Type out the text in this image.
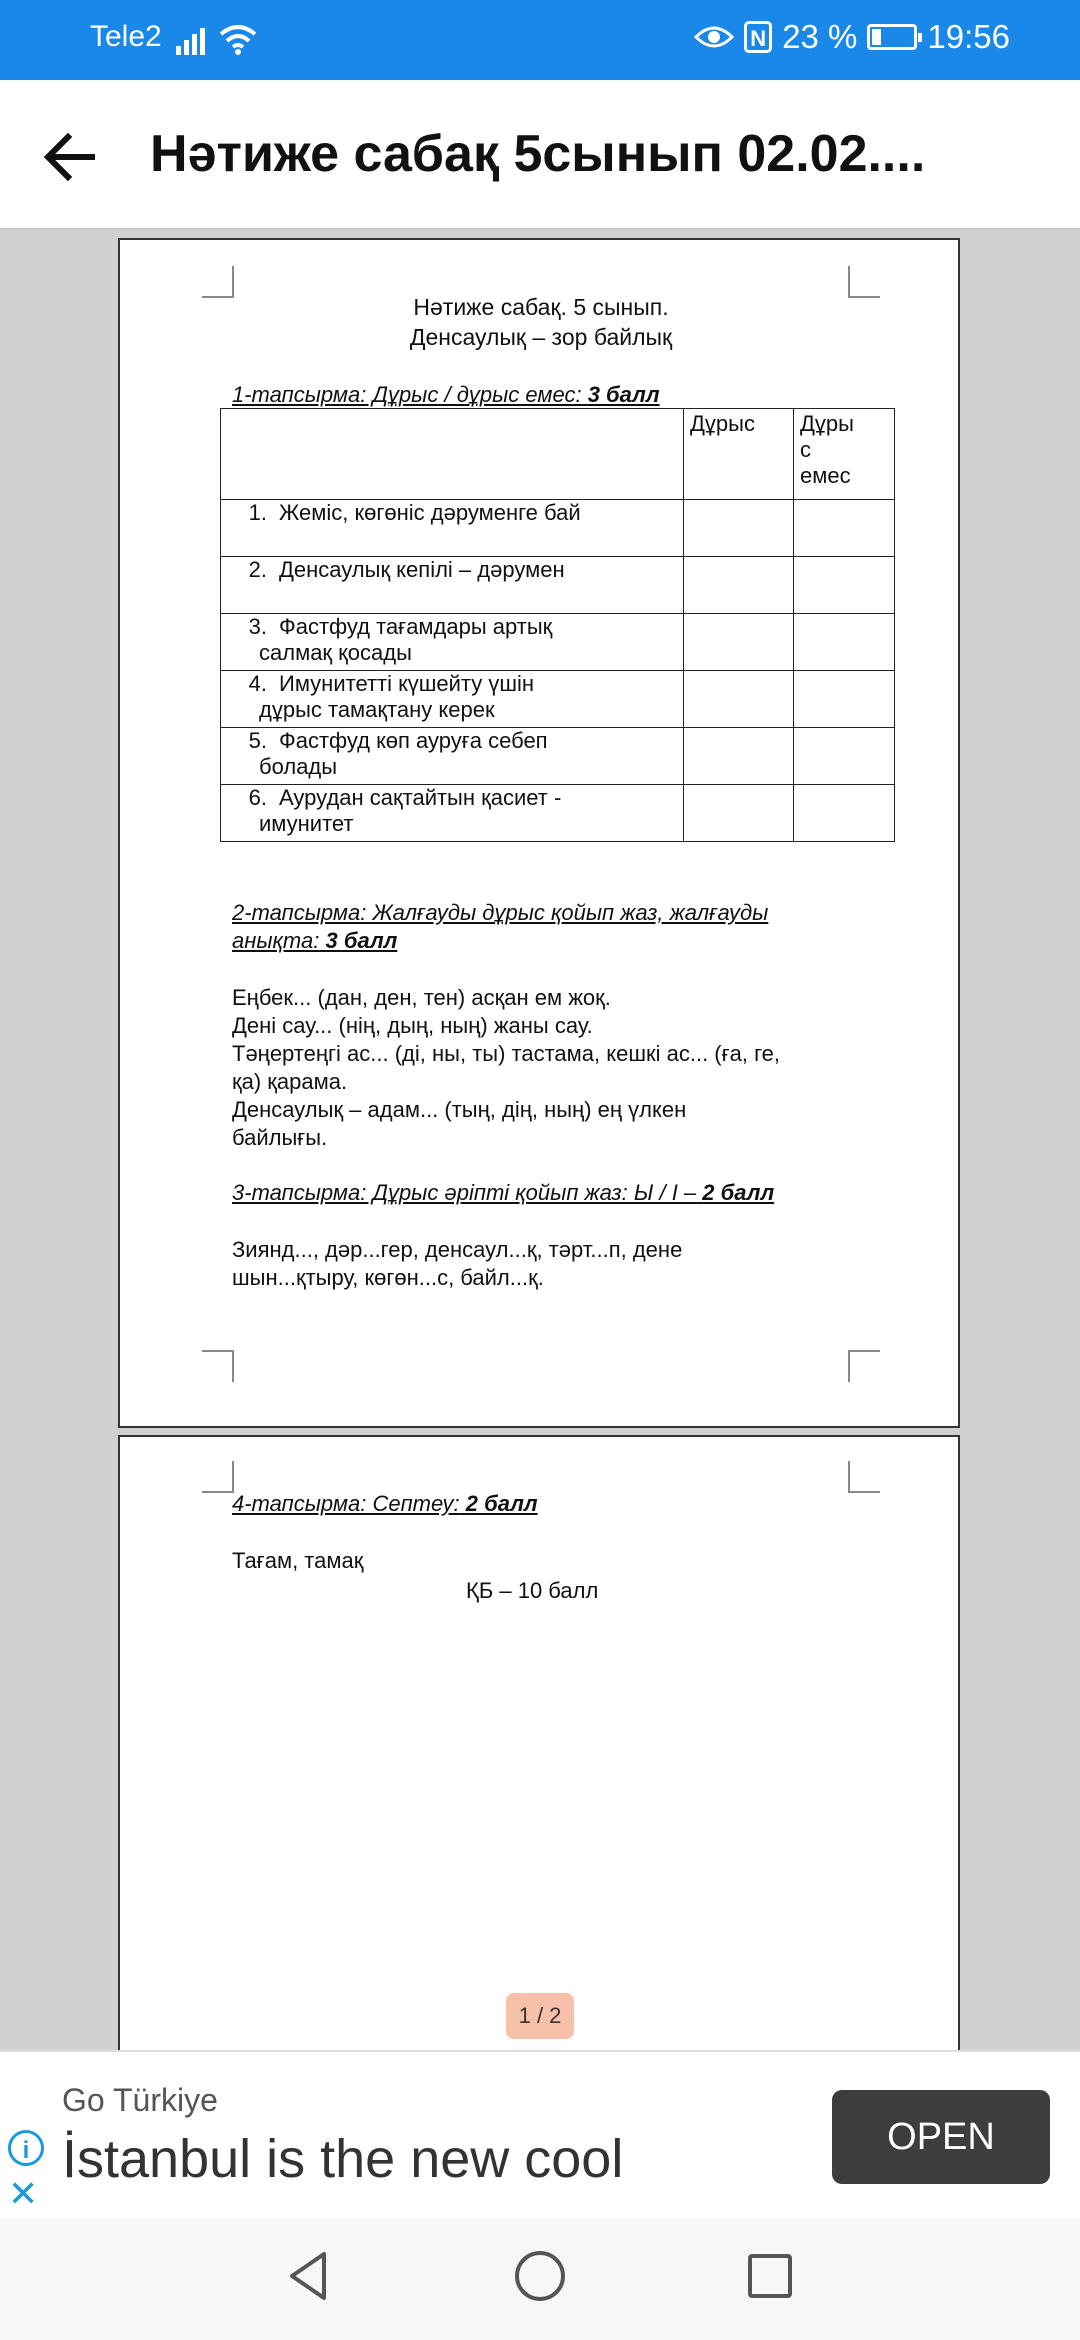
Tele2	N 23 % 19:56
Нәтиже сабақ 5сынып 02.02....
Нәтиже сабақ. 5 сынып.
Денсаулық – зор байлық
1-тапсырма: Дұрыс / дұрыс емес: 3 балл
	Дұрыс	Дұры
с
емес
1. Жеміс, көгөніс дәруменге бай		
2. Денсаулық кепілі – дәрумен		
3. Фастфуд тағамдары артық
салмақ қосады		
4. Имунитетті күшейту үшін
дұрыс тамақтану керек		
5. Фастфуд көп ауруға себеп
болады		
6. Аурудан сақтайтын қасиет -
имунитет		
2-тапсырма: Жалғауды дұрыс қойып жаз, жалғауды
анықта: 3 балл
Еңбек... (дан, ден, тен) асқан ем жоқ.
Дені сау... (нің, дың, ның) жаны сау.
Тәңертеңгі ас... (ді, ны, ты) тастама, кешкі ас... (ға, ге,
қа) қарама.
Денсаулық – адам... (тың, дің, ның) ең үлкен
байлығы.
3-тапсырма: Дұрыс әріпті қойып жаз: Ы / І – 2 балл
Зиянд..., дәр...гер, денсаул...қ, тәрт...п, дене
шын...қтыру, көгөн...с, байл...қ.
4-тапсырма: Септеу: 2 балл
Тағам, тамақ
ҚБ – 10 балл
1 / 2
Go Türkiye
İstanbul is the new cool
i
✕
OPEN
